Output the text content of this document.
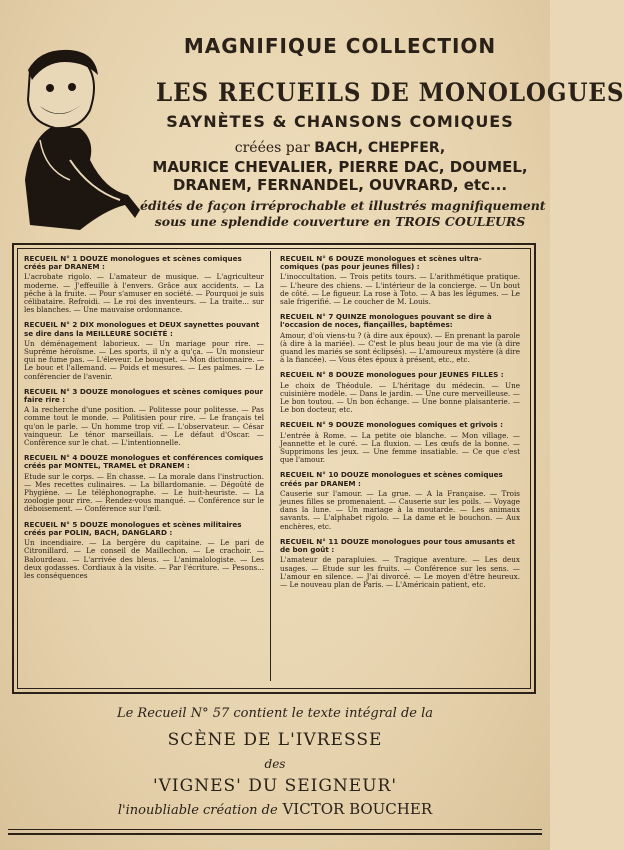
MAGNIFIQUE COLLECTION
LES RECUEILS DE MONOLOGUES
SAYNÈTES & CHANSONS COMIQUES
créées par BACH, CHEPFER,
MAURICE CHEVALIER, PIERRE DAC, DOUMEL,
DRANEM, FERNANDEL, OUVRARD, etc...
édités de façon irréprochable et illustrés magnifiquement
sous une splendide couverture en TROIS COULEURS
RECUEIL N° 1 DOUZE monologues et scènes comiques créés par DRANEM :
L'acrobate rigolo. — L'amateur de musique. — L'agriculteur moderne. — J'effeuille à l'envers. Grâce aux accidents. — La pêche à la fruite. — Pour s'amuser en société. — Pourquoi je suis célibataire. Refroidi. — Le roi des inventeurs. — La traite... sur les blanches. — Une mauvaise ordonnance.
RECUEIL N° 2 DIX monologues et DEUX saynettes pouvant se dire dans la MEILLEURE SOCIÉTÉ :
Un déménagement laborieux. — Un mariage pour rire. — Suprême héroïsme. — Les sports, il n'y a qu'ça. — Un monsieur qui ne fume pas. — L'éleveur. Le bouquet. — Mon dictionnaire. — Le bouc et l'allemand. — Poids et mesures. — Les palmes. — Le conférencier de l'avenir.
RECUEIL N° 3 DOUZE monologues et scènes comiques pour faire rire :
A la recherche d'une position. — Politesse pour politesse. — Pas comme tout le monde. — Politisien pour rire. — Le français tel qu'on le parle. — Un homme trop vif. — L'observateur. — César vainqueur. Le ténor marseillais. — Le défaut d'Oscar. — Conférence sur le chat. — L'intentionnelle.
RECUEIL N° 4 DOUZE monologues et conférences comiques créés par MONTEL, TRAMEL et DRANEM :
Etude sur le corps. — En chasse. — La morale dans l'instruction. — Mes recettes culinaires. — La billardomanie. — Dégoûté de Phygiène. — Le téléphonographe. — Le huit-heuriste. — La zoologie pour rire. — Rendez-vous manqué. — Conférence sur le déboisement. — Conférence sur l'œil.
RECUEIL N° 5 DOUZE monologues et scènes militaires créés par POLIN, BACH, DANGLARD :
Un incendiaire. — La bergère du capitaine. — Le pari de Citronillard. — Le conseil de Maillechon. — Le crachoir. — Balourdeau. — L'arrivée des bleus. — L'animalologiste. — Les deux godasses. Cordiaux à la visite. — Par l'écriture. — Pesons... les conséquences
RECUEIL N° 6 DOUZE monologues et scènes ultra-comiques (pas pour jeunes filles) :
L'inoccultation. — Trois petits tours. — L'arithmétique pratique. — L'heure des chiens. — L'intérieur de la concierge. — Un bout de côté. — Le figueur. La rose à Toto. — A bas les légumes. — Le sale frigerifié. — Le coucher de M. Louis.
RECUEIL N° 7 QUINZE monologues pouvant se dire à l'occasion de noces, fiançailles, baptêmes:
Amour, d'où viens-tu ? (à dire aux époux). — En prenant la parole (à dire à la mariée). — C'est le plus beau jour de ma vie (à dire quand les mariés se sont éclipsés). — L'amoureux mystère (à dire à la fiancée). — Vous êtes époux à présent, etc., etc.
RECUEIL N° 8 DOUZE monologues pour JEUNES FILLES :
Le choix de Théodule. — L'héritage du médecin. — Une cuisinière modèle. — Dans le jardin. — Une cure merveilleuse. — Le bon toutou. — Un bon échange. — Une bonne plaisanterie. — Le bon docteur, etc.
RECUEIL N° 9 DOUZE monologues comiques et grivois :
L'entrée à Rome. — La petite oie blanche. — Mon village. — Jeannette et le curé. — La fluxion. — Les œufs de la bonne. — Supprimons les jeux. — Une femme insatiable. — Ce que c'est que l'amour.
RECUEIL N° 10 DOUZE monologues et scènes comiques créés par DRANEM :
Causerie sur l'amour. — La grue. — A la Française. — Trois jeunes filles se promenaient. — Causerie sur les poils. — Voyage dans la lune. — Un mariage à la moutarde. — Les animaux savants. — L'alphabet rigolo. — La dame et le bouchon. — Aux enchères, etc.
RECUEIL N° 11 DOUZE monologues pour tous amusants et de bon goût :
L'amateur de parapluies. — Tragique aventure. — Les deux usages. — Etude sur les fruits. — Conférence sur les sens. — L'amour en silence. — J'ai divorcé. — Le moyen d'être heureux. — Le nouveau plan de Paris. — L'Américain patient, etc.
Le Recueil N° 57 contient le texte intégral de la
SCÈNE DE L'IVRESSE
des
'VIGNES' DU SEIGNEUR'
l'inoubliable création de VICTOR BOUCHER
